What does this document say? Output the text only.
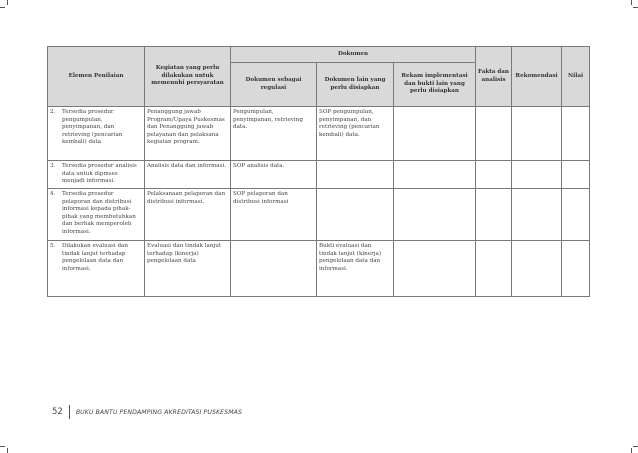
Elemen Penilaian	Kegiatan yang perlu dilakukan untuk memenuhi persyaratan	Dokumen			Fakta dan analisis	Rekomendasi	Nilai
		Dokumen sebagai regulasi	Dokumen lain yang perlu disiapkan	Rekam implementasi dan bukti lain yang perlu disiapkan			

2. Tersedia prosedur pengumpulan, penyimpanan, dan retrieving (pencarian kembali) data.	Penanggung jawab Program/Upaya Puskesmas dan Penanggung jawab pelayanan dan pelaksana kegiatan program.	Pengumpulan, penyimpanan, retrieving data.	SOP pengumpulan, penyimpanan, dan retrieving (pencarian kembali) data.				

3. Tersedia prosedur analisis data untuk dipmses menjadi informasi.	Analisis data dan informasi.	SOP analisis data.					

4. Tersedia prosedur pelaporan dan distribusi informasi kepada pihak-pihak yang membutuhkan dan berhak memperoleh informasi.	Pelaksanaan pelaporan dan distribusi informasi.	SOP pelaporan dan distribusi informasi					

5. Dilakukan evaluasi dan tindak lanjut terhadap pengelolaan data dan informasi.	Evaluasi dan tindak lanjut terhadap (kinerja) pengelolaan data		Bukti evaluasi dan tindak lanjut (kinerja) pengelolaan data dan informasi.				
52	BUKU BANTU PENDAMPING AKREDITASI PUSKESMAS
